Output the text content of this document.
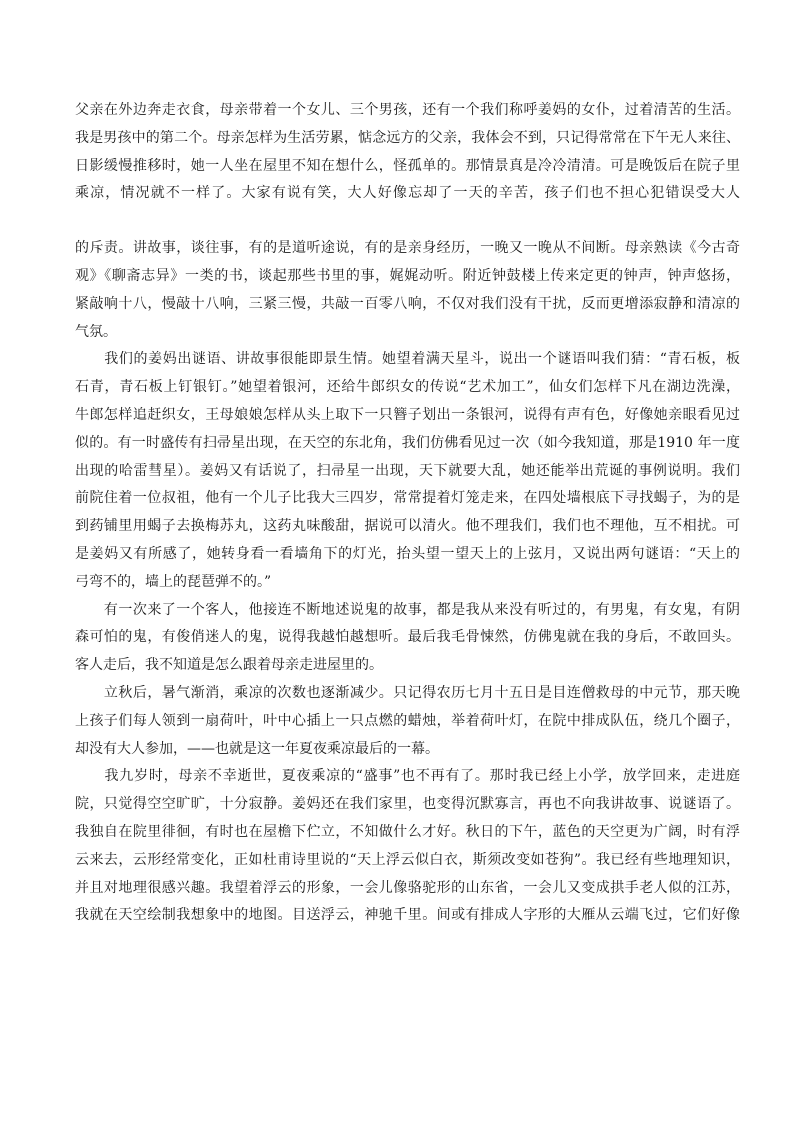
父亲在外边奔走衣食，母亲带着一个女儿、三个男孩，还有一个我们称呼姜妈的女仆，过着清苦的生活。
我是男孩中的第二个。母亲怎样为生活劳累，惦念远方的父亲，我体会不到，只记得常常在下午无人来往、
日影缓慢推移时，她一人坐在屋里不知在想什么，怪孤单的。那情景真是冷冷清清。可是晚饭后在院子里
乘凉，情况就不一样了。大家有说有笑，大人好像忘却了一天的辛苦，孩子们也不担心犯错误受大人
的斥责。讲故事，谈往事，有的是道听途说，有的是亲身经历，一晚又一晚从不间断。母亲熟读《今古奇
观》《聊斋志异》一类的书，谈起那些书里的事，娓娓动听。附近钟鼓楼上传来定更的钟声，钟声悠扬，
紧敲响十八，慢敲十八响，三紧三慢，共敲一百零八响，不仅对我们没有干扰，反而更增添寂静和清凉的
气氛。
　　我们的姜妈出谜语、讲故事很能即景生情。她望着满天星斗，说出一个谜语叫我们猜：“青石板，板
石青，青石板上钉银钉。”她望着银河，还给牛郎织女的传说“艺术加工”，仙女们怎样下凡在湖边洗澡，
牛郎怎样追赶织女，王母娘娘怎样从头上取下一只簪子划出一条银河，说得有声有色，好像她亲眼看见过
似的。有一时盛传有扫帚星出现，在天空的东北角，我们仿佛看见过一次（如今我知道，那是1910 年一度
出现的哈雷彗星）。姜妈又有话说了，扫帚星一出现，天下就要大乱，她还能举出荒诞的事例说明。我们
前院住着一位叔祖，他有一个儿子比我大三四岁，常常提着灯笼走来，在四处墙根底下寻找蝎子，为的是
到药铺里用蝎子去换梅苏丸，这药丸味酸甜，据说可以清火。他不理我们，我们也不理他，互不相扰。可
是姜妈又有所感了，她转身看一看墙角下的灯光，抬头望一望天上的上弦月，又说出两句谜语：“天上的
弓弯不的，墙上的琵琶弹不的。”
　　有一次来了一个客人，他接连不断地述说鬼的故事，都是我从来没有听过的，有男鬼，有女鬼，有阴
森可怕的鬼，有俊俏迷人的鬼，说得我越怕越想听。最后我毛骨悚然，仿佛鬼就在我的身后，不敢回头。
客人走后，我不知道是怎么跟着母亲走进屋里的。
　　立秋后，暑气渐消，乘凉的次数也逐渐减少。只记得农历七月十五日是目连僧救母的中元节，那天晚
上孩子们每人领到一扇荷叶，叶中心插上一只点燃的蜡烛，举着荷叶灯，在院中排成队伍，绕几个圈子，
却没有大人参加，——也就是这一年夏夜乘凉最后的一幕。
　　我九岁时，母亲不幸逝世，夏夜乘凉的“盛事”也不再有了。那时我已经上小学，放学回来，走进庭
院，只觉得空空旷旷，十分寂静。姜妈还在我们家里，也变得沉默寡言，再也不向我讲故事、说谜语了。
我独自在院里徘徊，有时也在屋檐下伫立，不知做什么才好。秋日的下午，蓝色的天空更为广阔，时有浮
云来去，云形经常变化，正如杜甫诗里说的“天上浮云似白衣，斯须改变如苍狗”。我已经有些地理知识，
并且对地理很感兴趣。我望着浮云的形象，一会儿像骆驼形的山东省，一会儿又变成拱手老人似的江苏，
我就在天空绘制我想象中的地图。目送浮云，神驰千里。间或有排成人字形的大雁从云端飞过，它们好像
